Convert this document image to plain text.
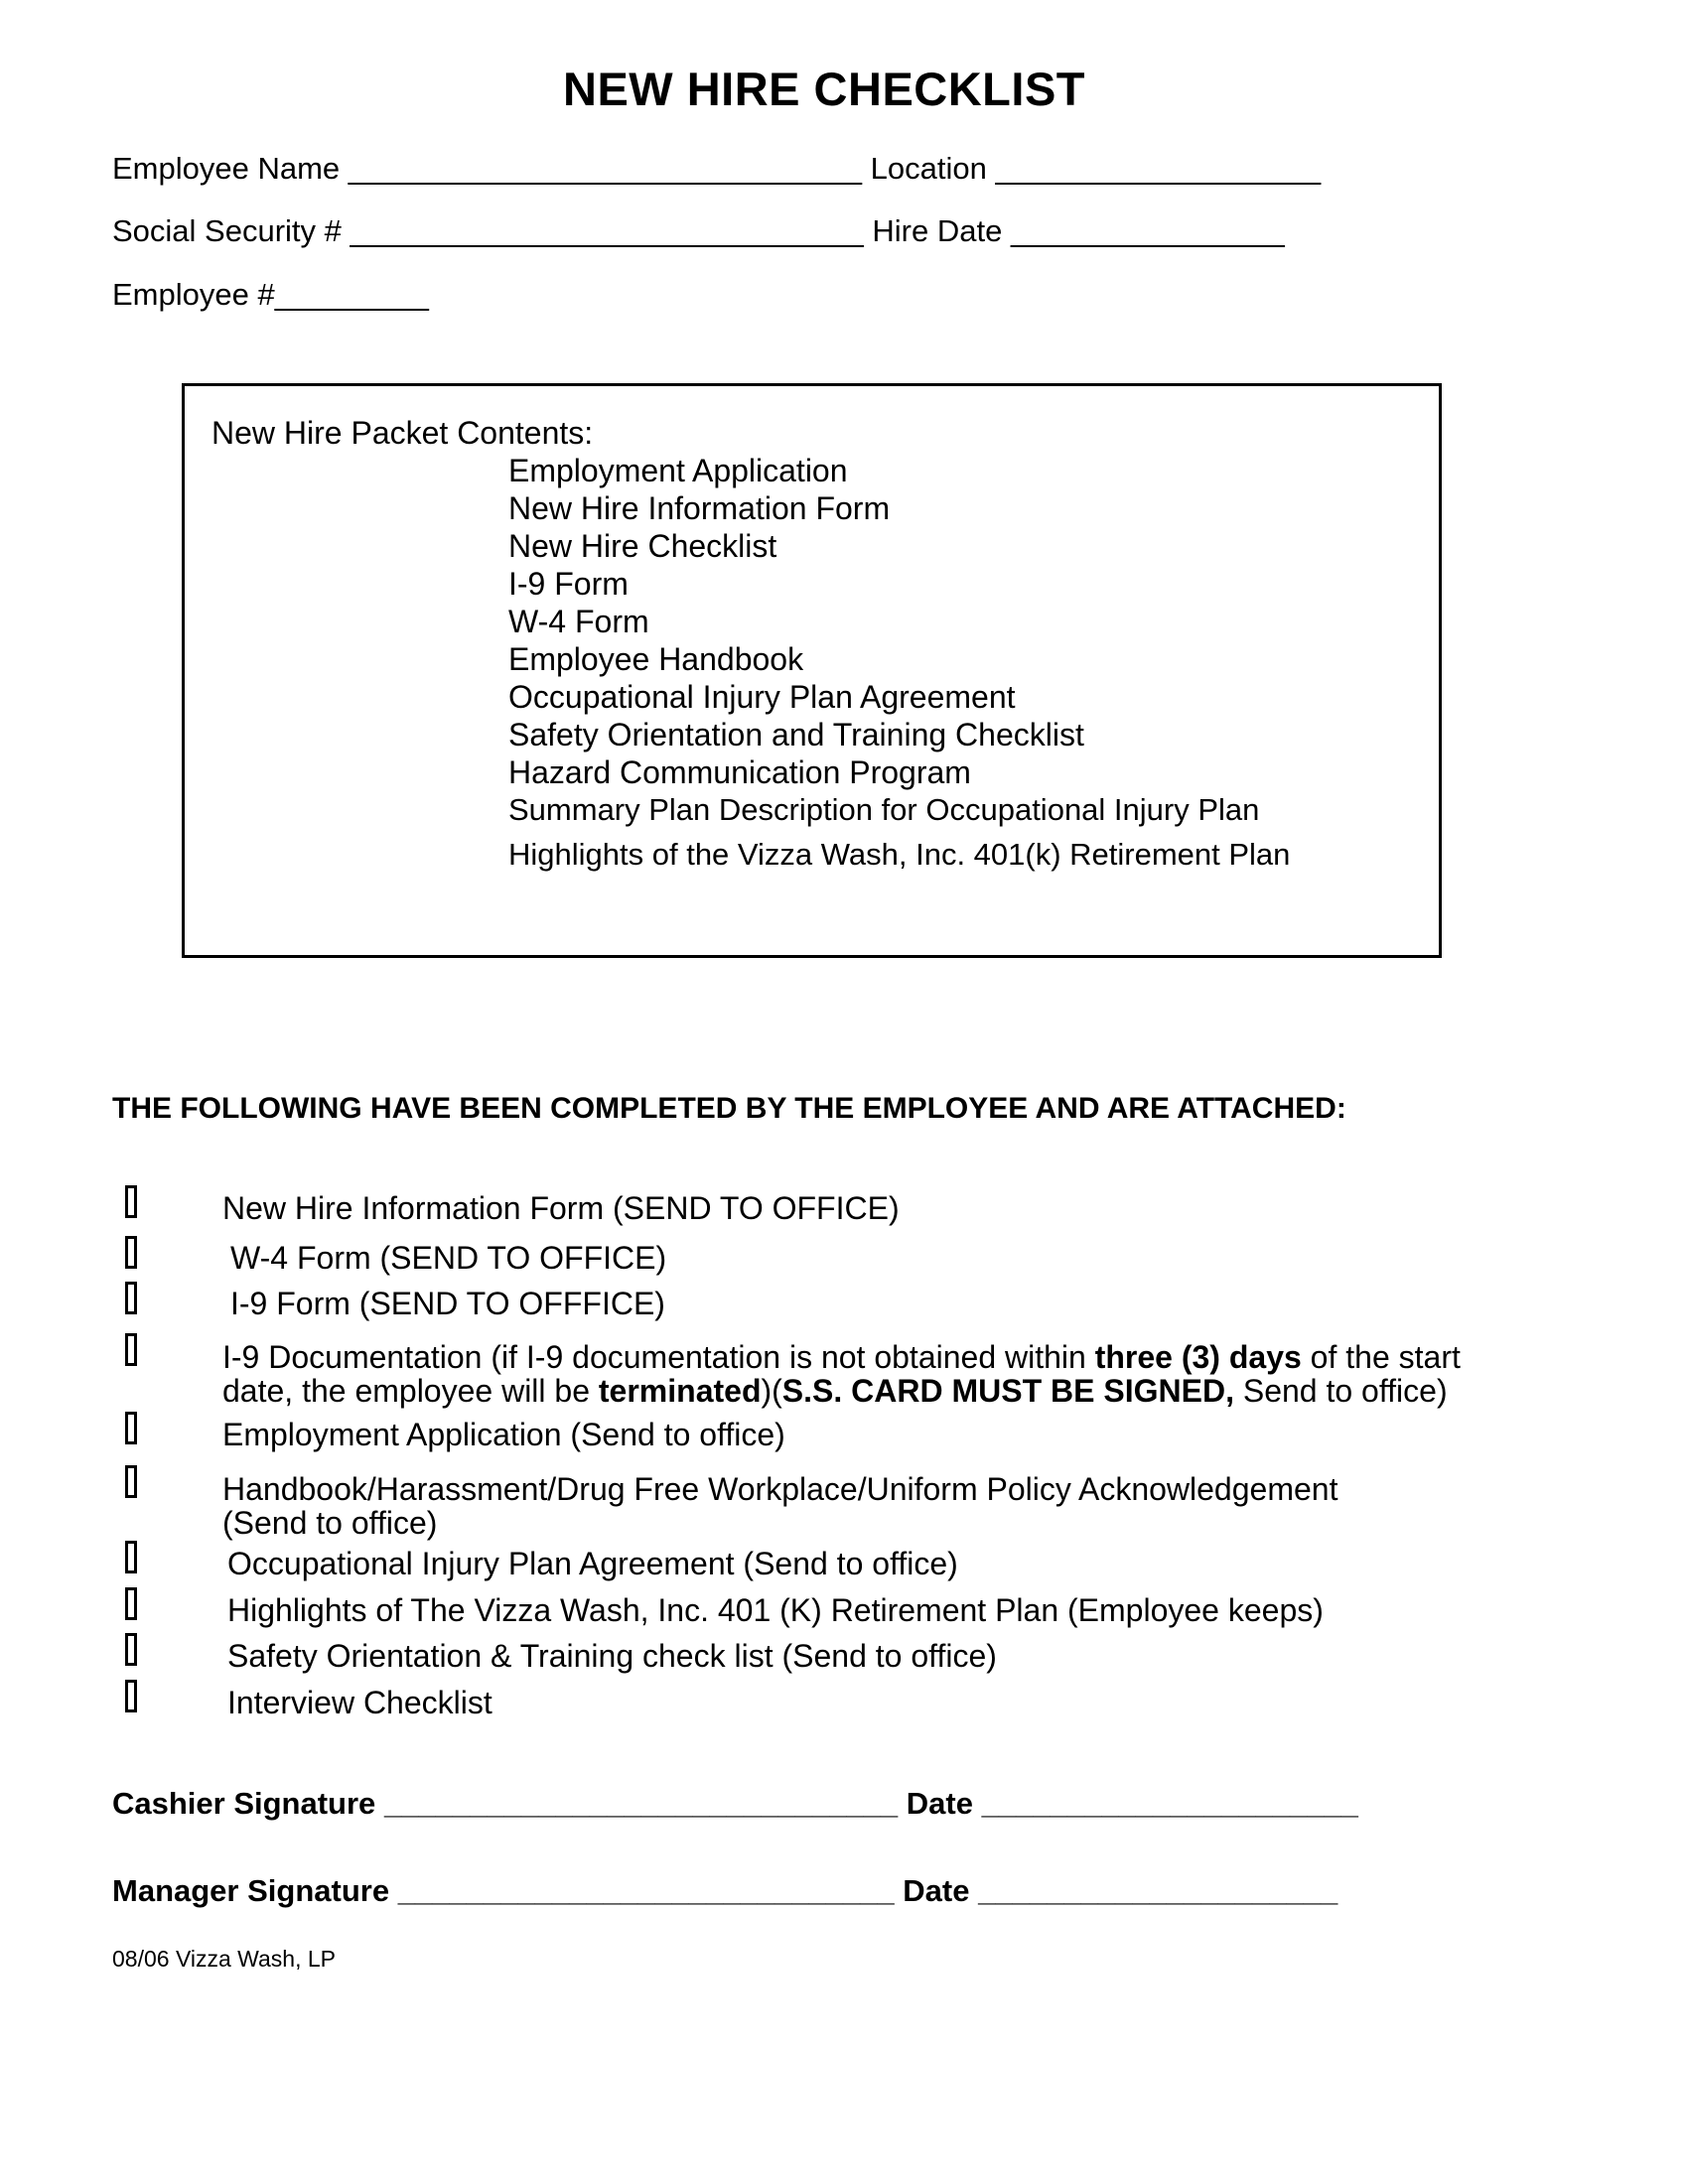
NEW HIRE CHECKLIST
Employee Name ______________________________ Location ___________________
Social Security # ______________________________ Hire Date ________________
Employee #_________
New Hire Packet Contents:
Employment Application
New Hire Information Form
New Hire Checklist
I-9 Form
W-4 Form
Employee Handbook
Occupational Injury Plan Agreement
Safety Orientation and Training Checklist
Hazard Communication Program
Summary Plan Description for Occupational Injury Plan
Highlights of the Vizza Wash, Inc. 401(k) Retirement Plan
THE FOLLOWING HAVE BEEN COMPLETED BY THE EMPLOYEE AND ARE ATTACHED:
New Hire Information Form (SEND TO OFFICE)
W-4 Form (SEND TO OFFICE)
I-9 Form (SEND TO OFFFICE)
I-9 Documentation (if I-9 documentation is not obtained within three (3) days of the start
date, the employee will be terminated)(S.S. CARD MUST BE SIGNED, Send to office)
Employment Application (Send to office)
Handbook/Harassment/Drug Free Workplace/Uniform Policy Acknowledgement
(Send to office)
Occupational Injury Plan Agreement (Send to office)
Highlights of The Vizza Wash, Inc. 401 (K) Retirement Plan (Employee keeps)
Safety Orientation & Training check list (Send to office)
Interview Checklist
Cashier Signature ______________________________ Date ______________________
Manager Signature _____________________________ Date _____________________
08/06 Vizza Wash, LP
